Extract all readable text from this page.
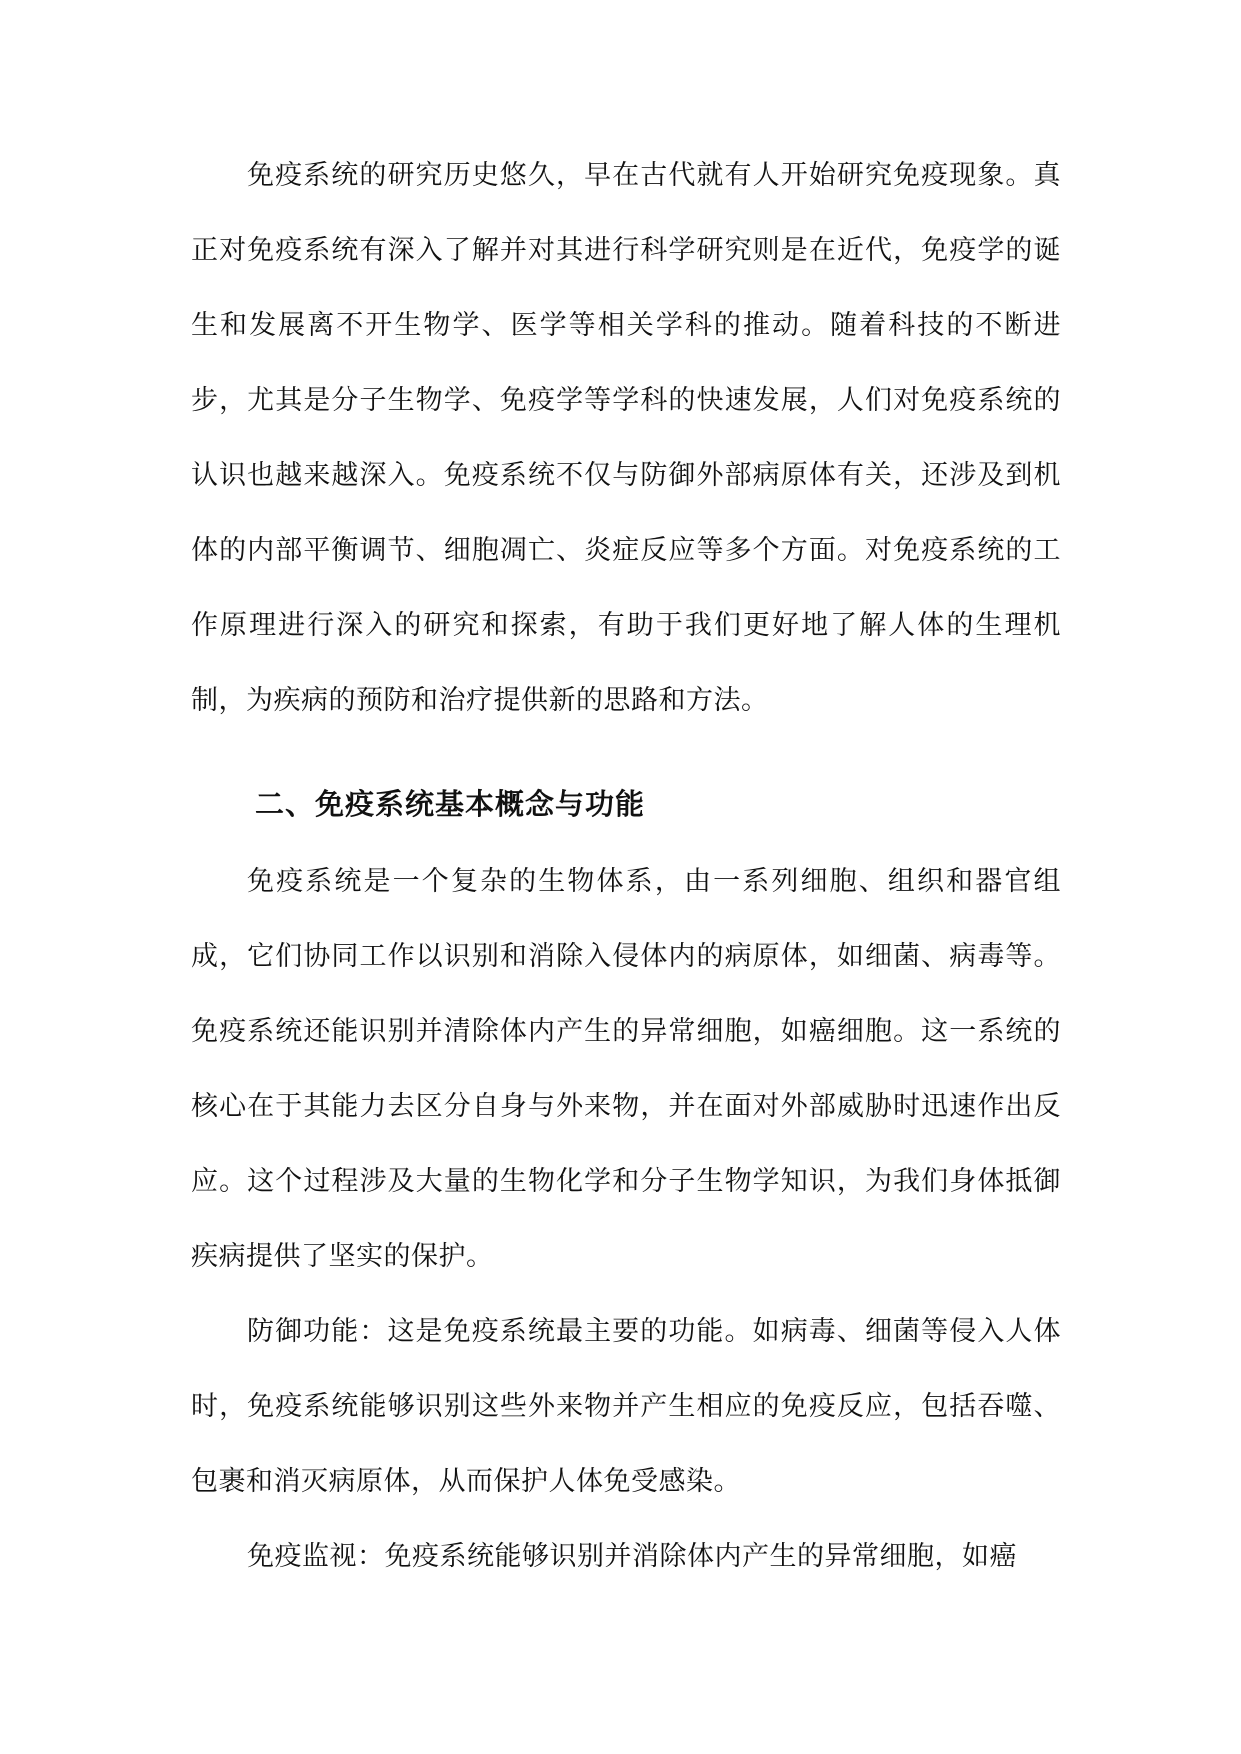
免疫系统的研究历史悠久，早在古代就有人开始研究免疫现象。真正对免疫系统有深入了解并对其进行科学研究则是在近代，免疫学的诞生和发展离不开生物学、医学等相关学科的推动。随着科技的不断进步，尤其是分子生物学、免疫学等学科的快速发展，人们对免疫系统的认识也越来越深入。免疫系统不仅与防御外部病原体有关，还涉及到机体的内部平衡调节、细胞凋亡、炎症反应等多个方面。对免疫系统的工作原理进行深入的研究和探索，有助于我们更好地了解人体的生理机制，为疾病的预防和治疗提供新的思路和方法。

二、免疫系统基本概念与功能

免疫系统是一个复杂的生物体系，由一系列细胞、组织和器官组成，它们协同工作以识别和消除入侵体内的病原体，如细菌、病毒等。免疫系统还能识别并清除体内产生的异常细胞，如癌细胞。这一系统的核心在于其能力去区分自身与外来物，并在面对外部威胁时迅速作出反应。这个过程涉及大量的生物化学和分子生物学知识，为我们身体抵御疾病提供了坚实的保护。

防御功能：这是免疫系统最主要的功能。如病毒、细菌等侵入人体时，免疫系统能够识别这些外来物并产生相应的免疫反应，包括吞噬、包裹和消灭病原体，从而保护人体免受感染。

免疫监视：免疫系统能够识别并消除体内产生的异常细胞，如癌
